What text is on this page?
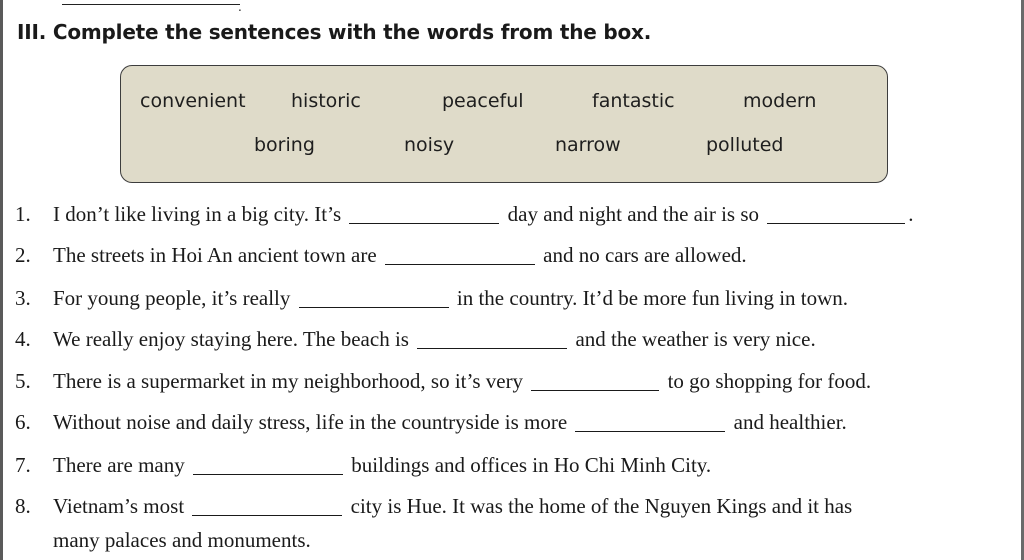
.
III. Complete the sentences with the words from the box.
convenient historic	peaceful	fantastic	modern
boring	noisy	narrow	polluted
1. I don’t like living in a big city. It’s	day and night and the air is so	.
2. The streets in Hoi An ancient town are	and no cars are allowed.
3. For young people, it’s really	in the country. It’d be more fun living in town.
4. We really enjoy staying here. The beach is	and the weather is very nice.
5. There is a supermarket in my neighborhood, so it’s very	to go shopping for food.
6. Without noise and daily stress, life in the countryside is more	and healthier.
7. There are many	buildings and offices in Ho Chi Minh City.
8. Vietnam’s most	city is Hue. It was the home of the Nguyen Kings and it has
many palaces and monuments.
